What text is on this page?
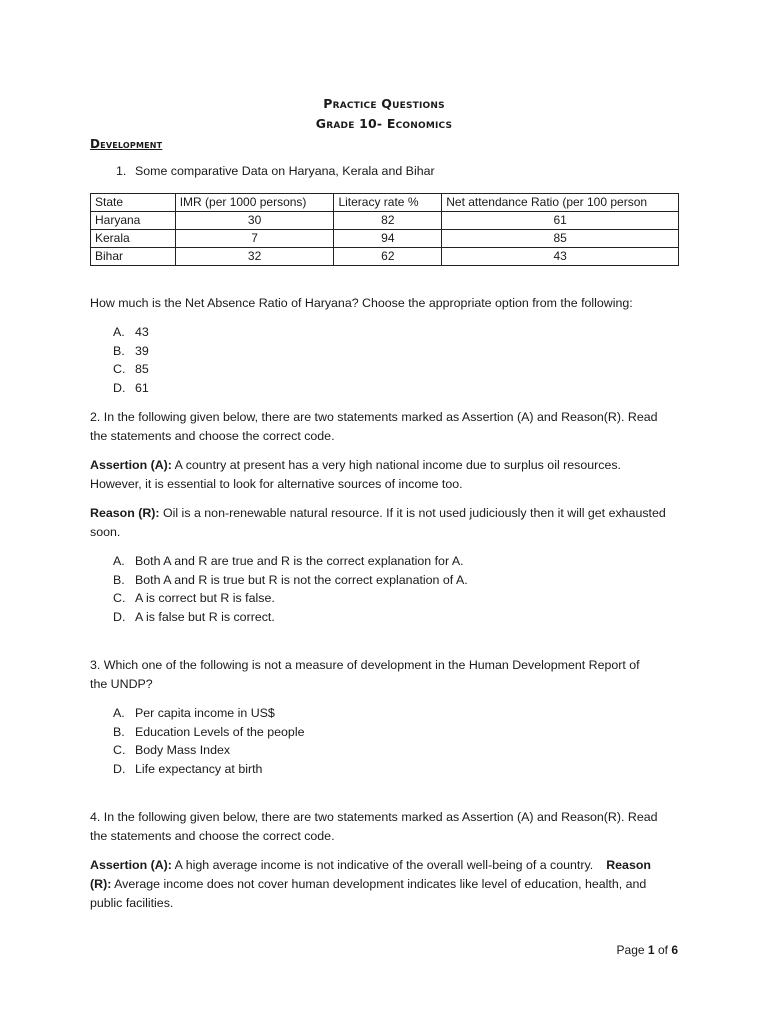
Practice Questions
Grade 10- Economics
Development
1. Some comparative Data on Haryana, Kerala and Bihar
State	IMR (per 1000 persons)	Literacy rate %	Net attendance Ratio (per 100 person
Haryana	30	82	61
Kerala	7	94	85
Bihar	32	62	43
How much is the Net Absence Ratio of Haryana? Choose the appropriate option from the following:
A. 43
B. 39
C. 85
D. 61
2. In the following given below, there are two statements marked as Assertion (A) and Reason(R). Read
the statements and choose the correct code.
Assertion (A): A country at present has a very high national income due to surplus oil resources.
However, it is essential to look for alternative sources of income too.
Reason (R): Oil is a non-renewable natural resource. If it is not used judiciously then it will get exhausted
soon.
A. Both A and R are true and R is the correct explanation for A.
B. Both A and R is true but R is not the correct explanation of A.
C. A is correct but R is false.
D. A is false but R is correct.
3. Which one of the following is not a measure of development in the Human Development Report of
the UNDP?
A. Per capita income in US$
B. Education Levels of the people
C. Body Mass Index
D. Life expectancy at birth
4. In the following given below, there are two statements marked as Assertion (A) and Reason(R). Read
the statements and choose the correct code.
Assertion (A): A high average income is not indicative of the overall well-being of a country. Reason
(R): Average income does not cover human development indicates like level of education, health, and
public facilities.
Page 1 of 6
